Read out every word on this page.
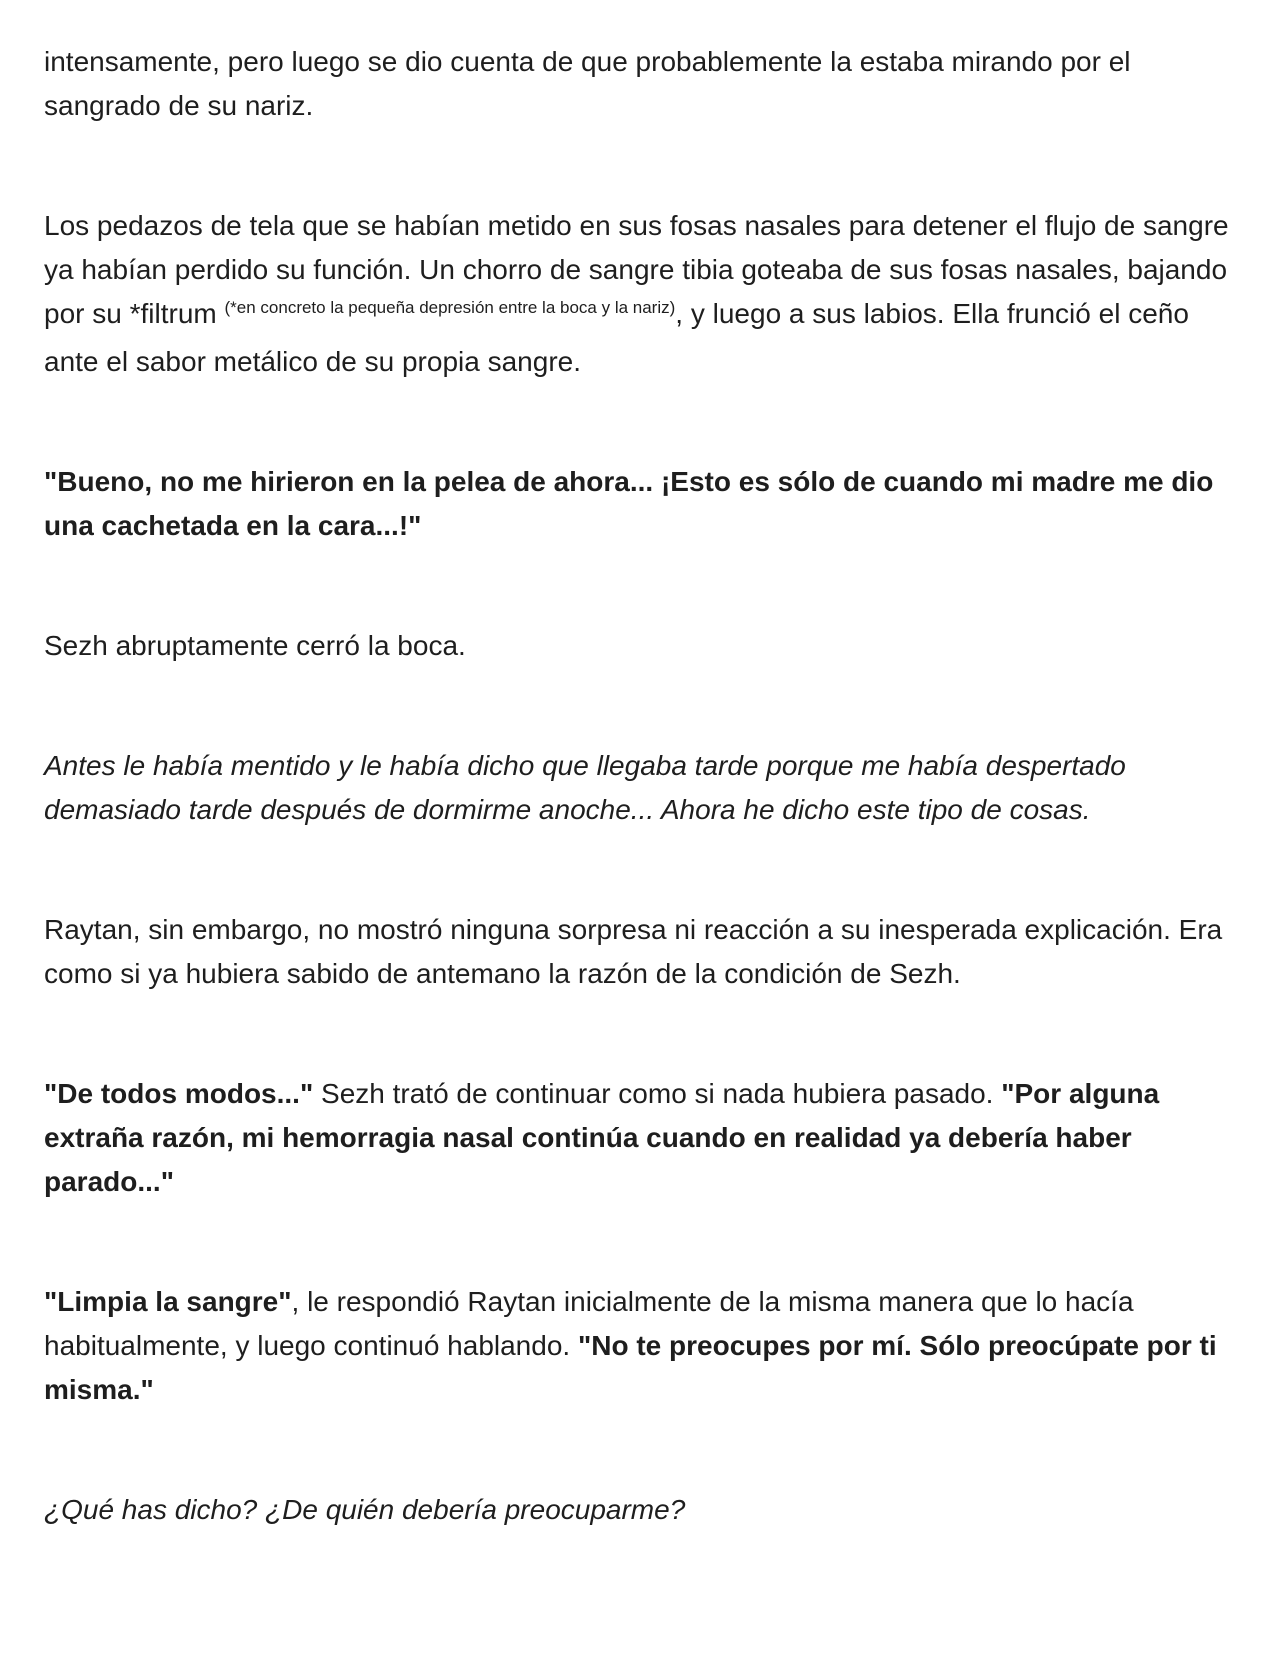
intensamente, pero luego se dio cuenta de que probablemente la estaba mirando por el sangrado de su nariz.

Los pedazos de tela que se habían metido en sus fosas nasales para detener el flujo de sangre ya habían perdido su función. Un chorro de sangre tibia goteaba de sus fosas nasales, bajando por su *filtrum $^{(*en concreto la pequeña depresión entre la boca y la nariz)}$, y luego a sus labios. Ella frunció el ceño ante el sabor metálico de su propia sangre.

"Bueno, no me hirieron en la pelea de ahora... ¡Esto es sólo de cuando mi madre me dio una cachetada en la cara...!"

Sezh abruptamente cerró la boca.

Antes le había mentido y le había dicho que llegaba tarde porque me había despertado demasiado tarde después de dormirme anoche... Ahora he dicho este tipo de cosas.

Raytan, sin embargo, no mostró ninguna sorpresa ni reacción a su inesperada explicación. Era como si ya hubiera sabido de antemano la razón de la condición de Sezh.

"De todos modos..." Sezh trató de continuar como si nada hubiera pasado. "Por alguna extraña razón, mi hemorragia nasal continúa cuando en realidad ya debería haber parado..."

"Limpia la sangre", le respondió Raytan inicialmente de la misma manera que lo hacía habitualmente, y luego continuó hablando. "No te preocupes por mí. Sólo preocúpate por ti misma."

¿Qué has dicho? ¿De quién debería preocuparme?
